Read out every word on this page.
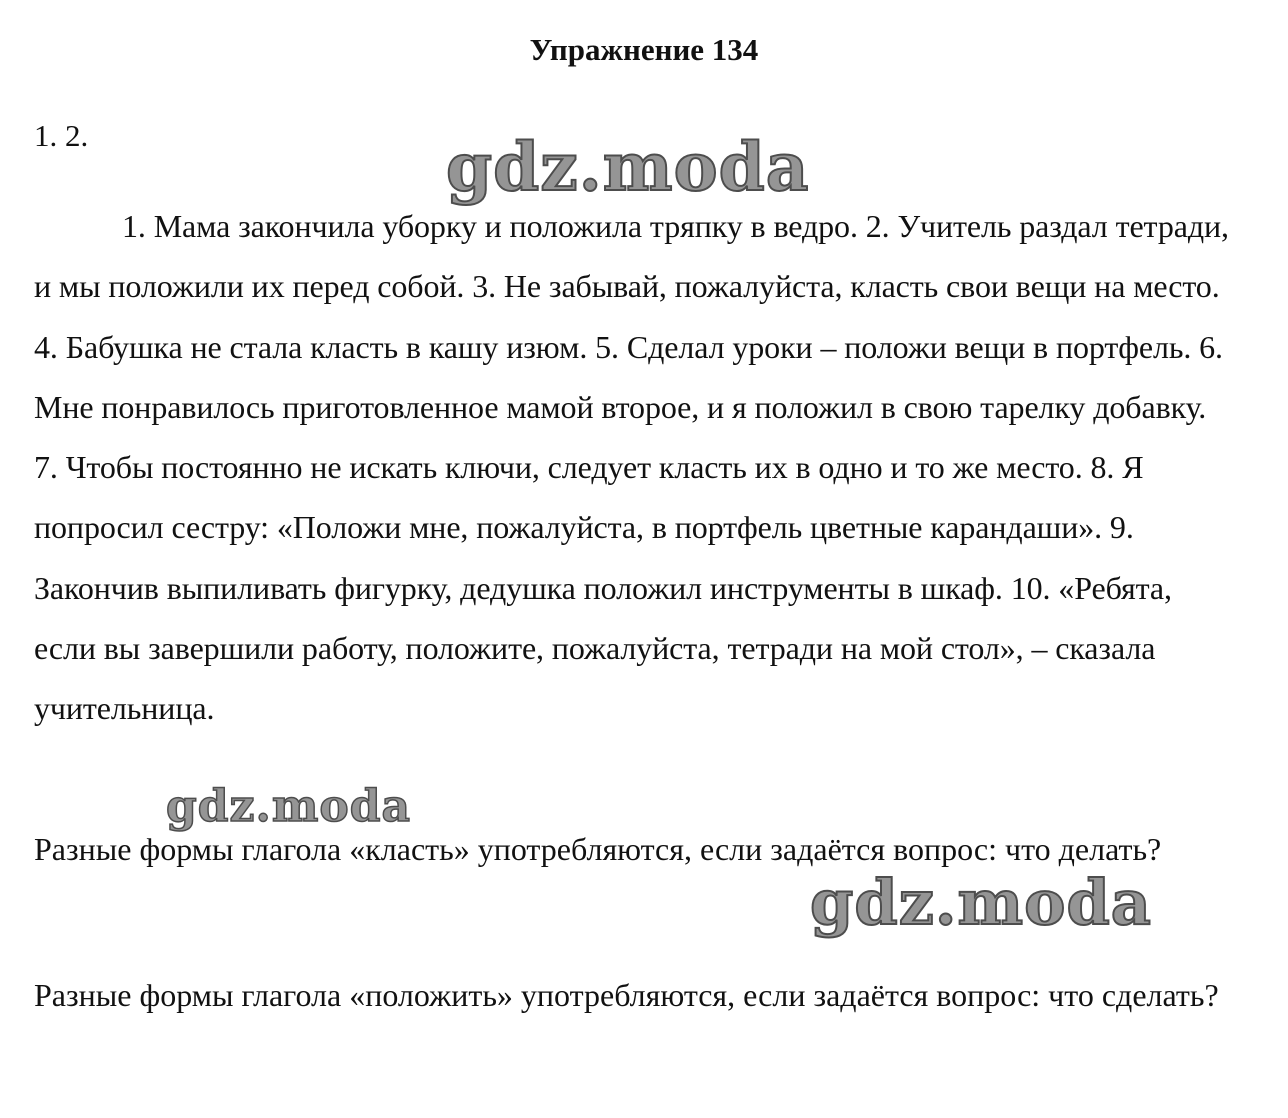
Упражнение 134
1. 2.
1. Мама закончила уборку и положила тряпку в ведро. 2. Учитель раздал тетради, и мы положили их перед собой. 3. Не забывай, пожалуйста, класть свои вещи на место. 4. Бабушка не стала класть в кашу изюм. 5. Сделал уроки – положи вещи в портфель. 6. Мне понравилось приготовленное мамой второе, и я положил в свою тарелку добавку. 7. Чтобы постоянно не искать ключи, следует класть их в одно и то же место. 8. Я попросил сестру: «Положи мне, пожалуйста, в портфель цветные карандаши». 9. Закончив выпиливать фигурку, дедушка положил инструменты в шкаф. 10. «Ребята, если вы завершили работу, положите, пожалуйста, тетради на мой стол», – сказала учительница.
Разные формы глагола «класть» употребляются, если задаётся вопрос: что делать?
Разные формы глагола «положить» употребляются, если задаётся вопрос: что сделать?
gdz.moda
gdz.moda
gdz.moda
